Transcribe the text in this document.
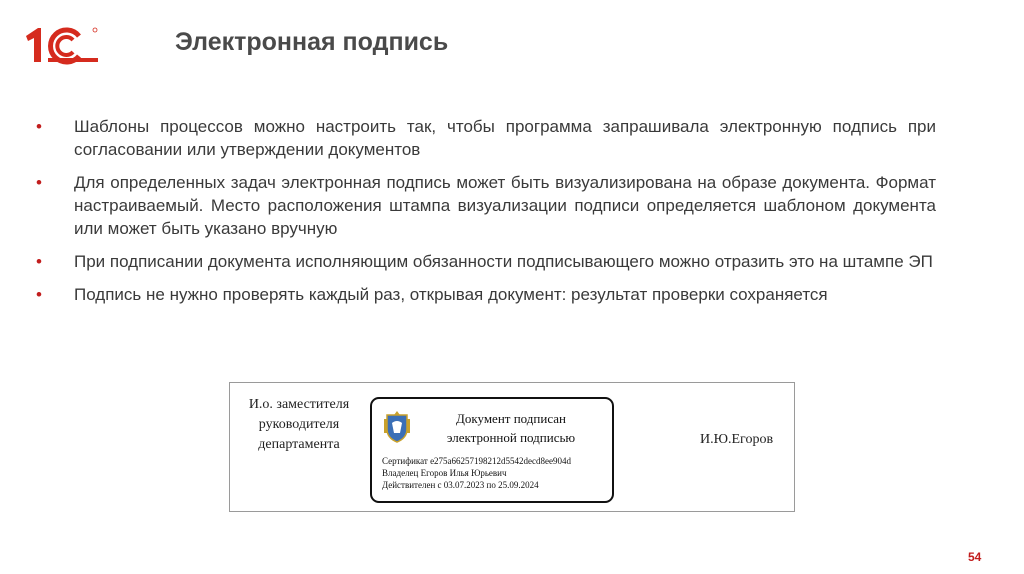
Электронная подпись
• Шаблоны процессов можно настроить так, чтобы программа запрашивала электронную подпись при согласовании или утверждении документов
• Для определенных задач электронная подпись может быть визуализирована на образе документа. Формат настраиваемый. Место расположения штампа визуализации подписи определяется шаблоном документа или может быть указано вручную
• При подписании документа исполняющим обязанности подписывающего можно отразить это на штампе ЭП
• Подпись не нужно проверять каждый раз, открывая документ: результат проверки сохраняется
И.о. заместителя
руководителя
департамента
Документ подписан
электронной подписью
Сертификат e275a66257198212d5542decd8ee904d
Владелец Егоров Илья Юрьевич
Действителен с 03.07.2023 по 25.09.2024
И.Ю.Егоров
54
